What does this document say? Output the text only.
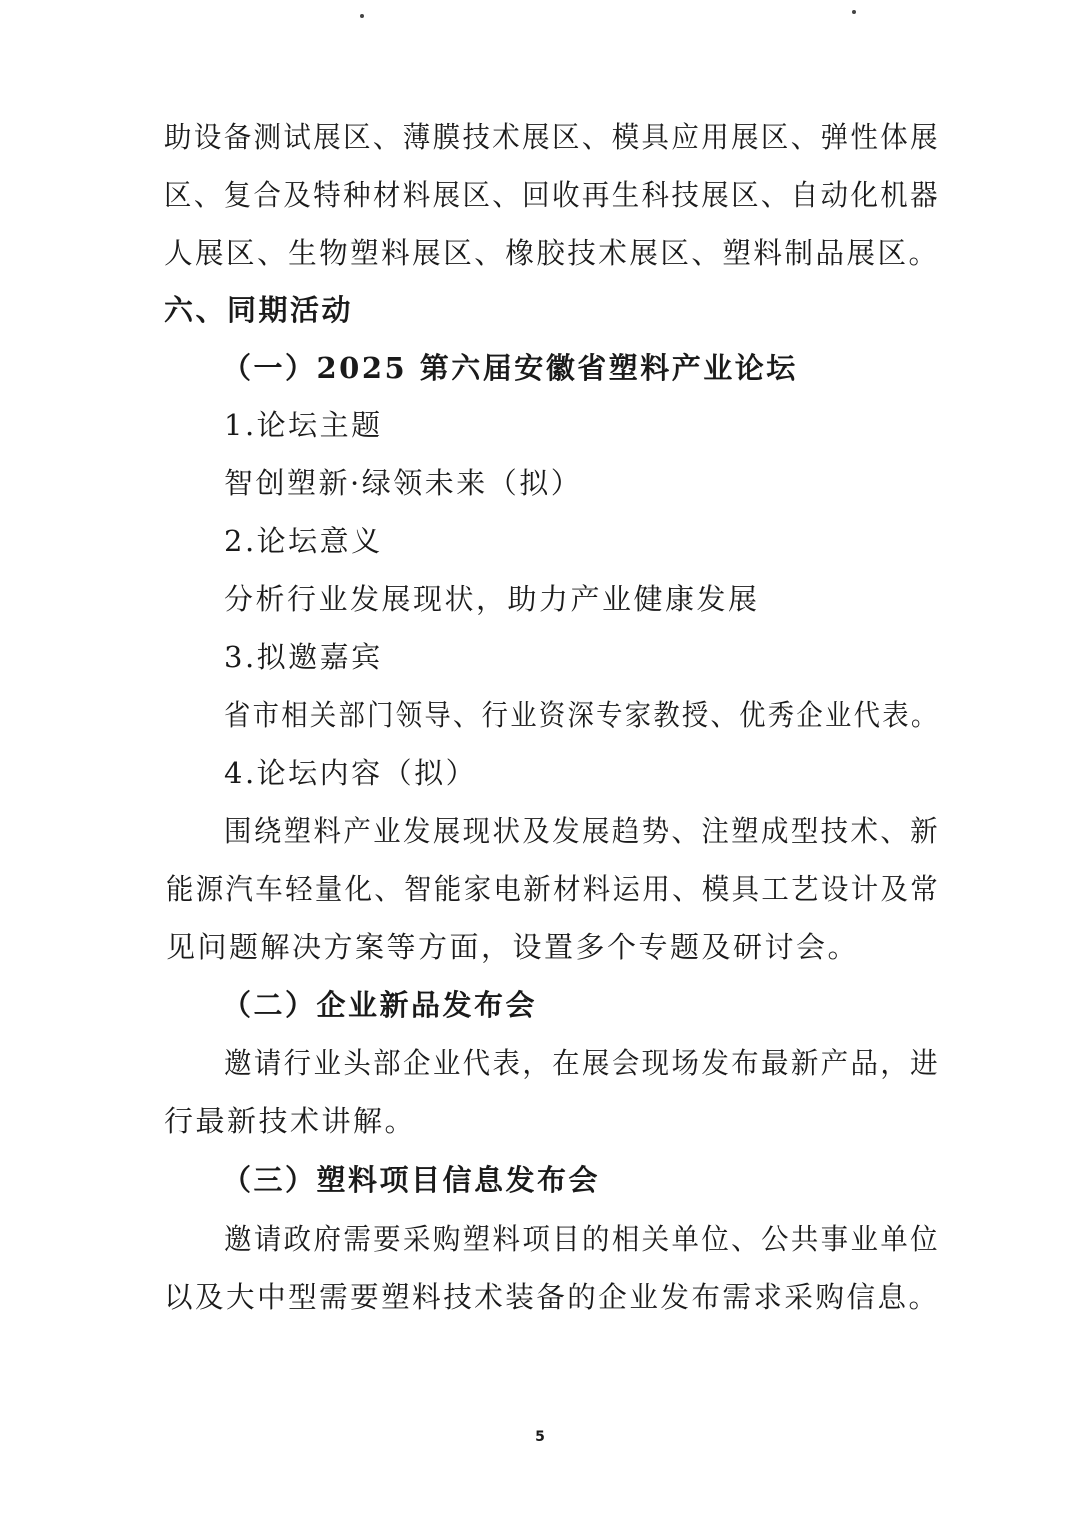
助设备测试展区、薄膜技术展区、模具应用展区、弹性体展
区、复合及特种材料展区、回收再生科技展区、自动化机器
人展区、生物塑料展区、橡胶技术展区、塑料制品展区。
六、同期活动
（一）2025 第六届安徽省塑料产业论坛
1.论坛主题
智创塑新·绿领未来（拟）
2.论坛意义
分析行业发展现状，助力产业健康发展
3.拟邀嘉宾
省市相关部门领导、行业资深专家教授、优秀企业代表。
4.论坛内容（拟）
围绕塑料产业发展现状及发展趋势、注塑成型技术、新
能源汽车轻量化、智能家电新材料运用、模具工艺设计及常
见问题解决方案等方面，设置多个专题及研讨会。
（二）企业新品发布会
邀请行业头部企业代表，在展会现场发布最新产品，进
行最新技术讲解。
（三）塑料项目信息发布会
邀请政府需要采购塑料项目的相关单位、公共事业单位
以及大中型需要塑料技术装备的企业发布需求采购信息。
5
